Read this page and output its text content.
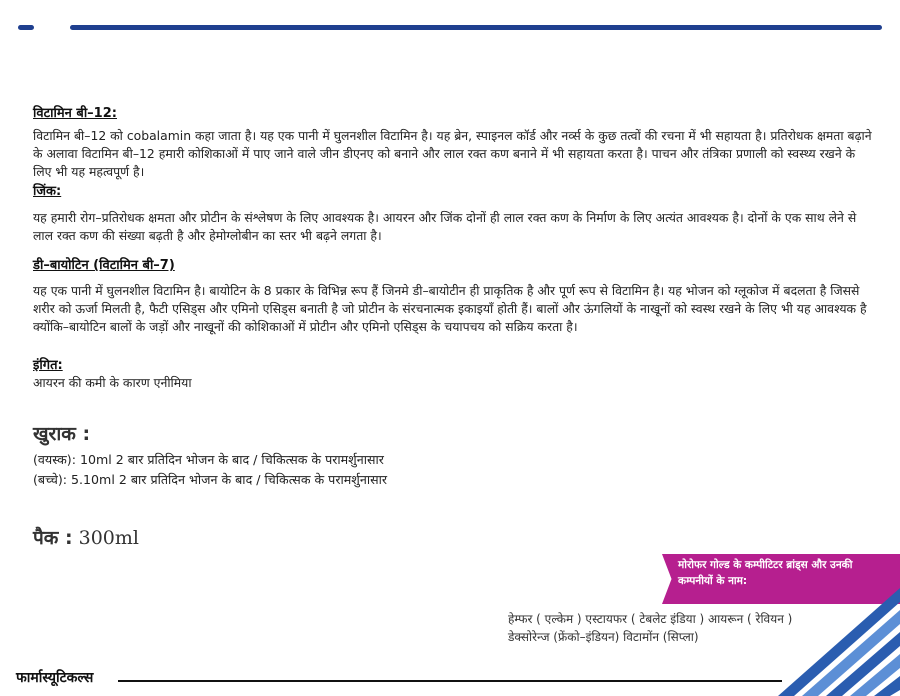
विटामिन बी–12:

विटामिन बी–12 को cobalamin कहा जाता है। यह एक पानी में घुलनशील विटामिन है। यह ब्रेन, स्पाइनल कॉर्ड और नर्व्स के कुछ तत्वों की रचना में भी सहायता है। प्रतिरोधक क्षमता बढ़ाने के अलावा विटामिन बी–12 हमारी कोशिकाओं में पाए जाने वाले जीन डीएनए को बनाने और लाल रक्त कण बनाने में भी सहायता करता है। पाचन और तंत्रिका प्रणाली को स्वस्थ्य रखने के लिए भी यह महत्वपूर्ण है।

जिंक:

यह हमारी रोग–प्रतिरोधक क्षमता और प्रोटीन के संश्लेषण के लिए आवश्यक है। आयरन और जिंक दोनों ही लाल रक्त कण के निर्माण के लिए अत्यंत आवश्यक है। दोनों के एक साथ लेने से लाल रक्त कण की संख्या बढ़ती है और हेमोग्लोबीन का स्तर भी बढ़ने लगता है।

डी–बायोटिन (विटामिन बी–7)

यह एक पानी में घुलनशील विटामिन है। बायोटिन के 8 प्रकार के विभिन्न रूप हैं जिनमे डी–बायोटीन ही प्राकृतिक है और पूर्ण रूप से विटामिन है। यह भोजन को ग्लूकोज में बदलता है जिससे शरीर को ऊर्जा मिलती है, फैटी एसिड्स और एमिनो एसिड्स बनाती है जो प्रोटीन के संरचनात्मक इकाइयाँ होती हैं। बालों और ऊंगलियों के नाखूनों को स्वस्थ रखने के लिए भी यह आवश्यक है क्योंकि–बायोटिन बालों के जड़ों और नाखूनों की कोशिकाओं में प्रोटीन और एमिनो एसिड्स के चयापचय को सक्रिय करता है।

इंगित:

आयरन की कमी के कारण एनीमिया

खुराक :

(वयस्क): 10ml 2 बार प्रतिदिन भोजन के बाद / चिकित्सक के परामर्शुनासार

(बच्चे): 5.10ml 2 बार प्रतिदिन भोजन के बाद / चिकित्सक के परामर्शुनासार

पैक : 300ml

मोरोफर गोल्ड के कम्पीटिटर ब्रांड्स और उनकी कम्पनीयों के नाम:

हेम्फर ( एल्केम ) एस्टायफर ( टेबलेट इंडिया ) आयरून ( रेवियन )
डेक्सोरेन्ज (फ्रेंको–इंडियन) विटामोंन (सिप्ला)

फार्मास्यूटिकल्स
